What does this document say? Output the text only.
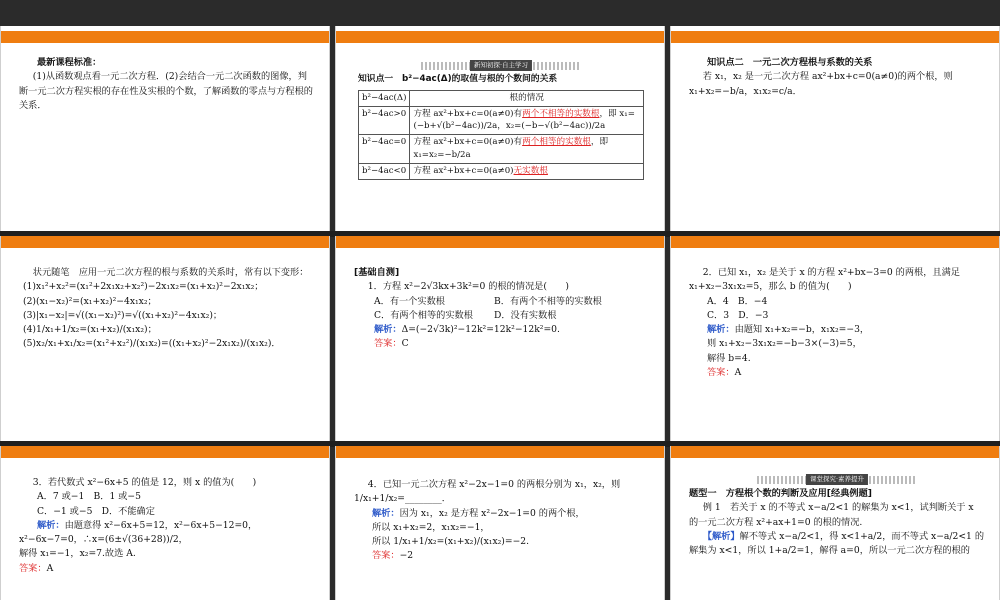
最新课程标准：
(1)从函数观点看一元二次方程．(2)会结合一元二次函数的图像，判断一元二次方程实根的存在性及实根的个数，了解函数的零点与方程根的关系．
新知初探·自主学习
知识点一　b²−4ac(Δ)的取值与根的个数间的关系
b²−4ac(Δ)	根的情况
b²−4ac>0	方程 ax²+bx+c=0(a≠0)有两个不相等的实数根，即 x₁=(−b+√(b²−4ac))/2a，x₂=(−b−√(b²−4ac))/2a
b²−4ac=0	方程 ax²+bx+c=0(a≠0)有两个相等的实数根，即 x₁=x₂=−b/2a
b²−4ac<0	方程 ax²+bx+c=0(a≠0)无实数根
知识点二　一元二次方程根与系数的关系
若 x₁，x₂ 是一元二次方程 ax²+bx+c=0(a≠0)的两个根，则 x₁+x₂=−b/a，x₁x₂=c/a．
状元随笔　应用一元二次方程的根与系数的关系时，常有以下变形：
(1)x₁²+x₂²=(x₁²+2x₁x₂+x₂²)−2x₁x₂=(x₁+x₂)²−2x₁x₂；
(2)(x₁−x₂)²=(x₁+x₂)²−4x₁x₂；
(3)|x₁−x₂|=√((x₁−x₂)²)=√((x₁+x₂)²−4x₁x₂)；
(4)1/x₁+1/x₂=(x₁+x₂)/(x₁x₂)；
(5)x₂/x₁+x₁/x₂=(x₁²+x₂²)/(x₁x₂)=((x₁+x₂)²−2x₁x₂)/(x₁x₂)．
[基础自测]
1．方程 x²−2√3kx+3k²=0 的根的情况是(　　)
A．有一个实数根	B．有两个不相等的实数根
C．有两个相等的实数根	D．没有实数根
解析：Δ=(−2√3k)²−12k²=12k²−12k²=0.
答案：C
2．已知 x₁，x₂ 是关于 x 的方程 x²+bx−3=0 的两根，且满足 x₁+x₂−3x₁x₂=5，那么 b 的值为(　　)
A．4　 B．−4
C．3　 D．−3
解析：由题知 x₁+x₂=−b，x₁x₂=−3，
则 x₁+x₂−3x₁x₂=−b−3×(−3)=5，
解得 b=4.
答案：A
3．若代数式 x²−6x+5 的值是 12，则 x 的值为(　　)
A．7 或−1　 B．1 或−5
C．−1 或−5　 D．不能确定
解析：由题意得 x²−6x+5=12，x²−6x+5−12=0，
x²−6x−7=0，∴x=(6±√(36+28))/2，
解得 x₁=−1，x₂=7.故选 A.
答案：A
4．已知一元二次方程 x²−2x−1=0 的两根分别为 x₁，x₂，则 1/x₁+1/x₂=________．
解析：因为 x₁，x₂ 是方程 x²−2x−1=0 的两个根，
所以 x₁+x₂=2，x₁x₂=−1，
所以 1/x₁+1/x₂=(x₁+x₂)/(x₁x₂)=−2.
答案：−2
课堂探究·素养提升
题型一　方程根个数的判断及应用[经典例题]
例 1　若关于 x 的不等式 x−a/2<1 的解集为 x<1，试判断关于 x 的一元二次方程 x²+ax+1=0 的根的情况.
【解析】解不等式 x−a/2<1，得 x<1+a/2，而不等式 x−a/2<1 的解集为 x<1，所以 1+a/2=1，解得 a=0，所以一元二次方程的根的
